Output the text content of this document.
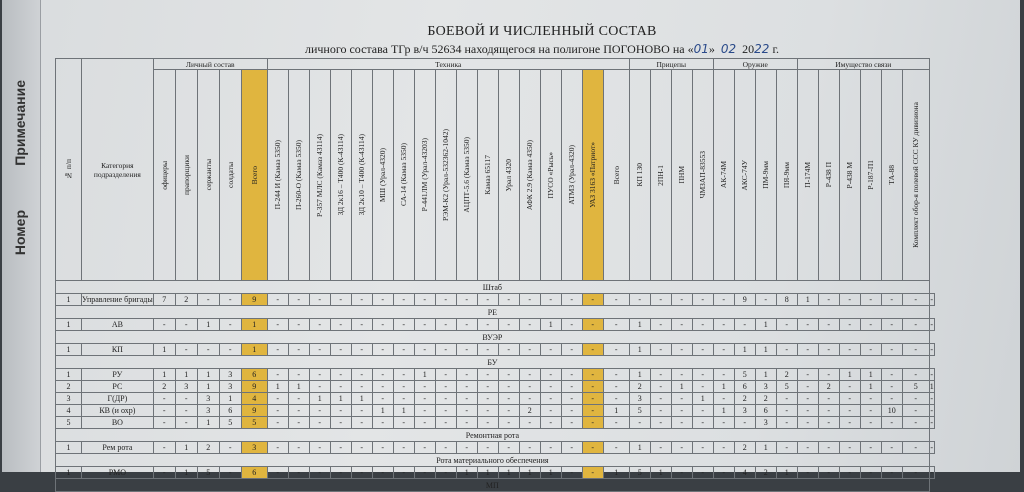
Примечание
Номер
БОЕВОЙ И ЧИСЛЕННЫЙ СОСТАВ
личного состава ТГр в/ч 52634 находящегося на полигоне ПОГОНОВО на «01» 02 2022 г.
№ п/п	Категория подразделения	Личный состав					Техника																	Прицепы				Оружие				Имущество связи						

		офицеры	прапорщики	сержанты	солдаты	Всего	П-244 И (Камаз 5350)	П-260-О (Камаз 5350)	Р-357 МЛС (Камаз 43114)	ЗД 2к16 – Т400 (К-43114)	ЗД 2к10 – Т400 (К-43114)	МШ (Урал-4320)	СА-14 (Камаз 5350)	Р-441ЛМ (Урал-43203)	РЭМ-К2 (Урал-532362-1042)	АЦПТ-5.6 (Камаз 5350)	Камаз 65117	Урал 4320	АФК 2.9 (Камаз 4350)	ПУСО «Рысь»	АТМЗ (Урал-4320)	УАЗ 3163 «Патриот»	Всего	КП 130	2ПН-1	ПНМ	ЧМЗАП-83553	АК-74М	АКС-74У	ПМ-9мм	ПЯ-9мм	П-174М	Р-438 П	Р-438 М	Р-187-П1	ТА-88	Комплект обор-я полевой ССС КУ дивизиона	

Штаб																																						
1	Управление бригады	7	2	-	-	9	-	-	-	-	-	-	-	-	-	-	-	-	-	-	-	-	-	-	-	-	-	-	9	-	8	1	-	-	-	-	-	-
РЕ																																						
1	АВ	-	-	1	-	1	-	-	-	-	-	-	-	-	-	-	-	-	-	1	-	-	-	1	-	-	-	-	-	1	-	-	-	-	-	-	-	-
ВУЭР																																						
1	КП	1	-	-	-	1	-	-	-	-	-	-	-	-	-	-	-	-	-	-	-	-	-	1	-	-	-	-	1	1	-	-	-	-	-	-	-	-
БУ																																						
1	РУ	1	1	1	3	6	-	-	-	-	-	-	-	1	-	-	-	-	-	-	-	-	-	1	-	-	-	-	5	1	2	-	-	1	1	-	-	-
2	РС	2	3	1	3	9	1	1	-	-	-	-	-	-	-	-	-	-	-	-	-	-	-	2	-	1	-	1	6	3	5	-	2	-	1	-	5	1
3	Г(ДР)	-	-	3	1	4	-	-	1	1	1	-	-	-	-	-	-	-	-	-	-	-	-	3	-	-	1	-	2	2	-	-	-	-	-	-	-	-
4	КВ (и охр)	-	-	3	6	9	-	-	-	-	-	1	1	-	-	-	-	-	2	-	-	-	1	5	-	-	-	1	3	6	-	-	-	-	-	10	-	-
5	ВО	-	-	1	5	5	-	-	-	-	-	-	-	-	-	-	-	-	-	-	-	-	-	-	-	-	-	-	-	3	-	-	-	-	-	-	-	-
Ремонтная рота																																						
1	Рем рота	-	1	2	-	3	-	-	-	-	-	-	-	-	-	-	-	-	-	-	-	-	-	1	-	-	-	-	2	1	-	-	-	-	-	-	-	-
Рота материального обеспечения																																						
1	РМО	-	1	5	-	6	-	-	-	-	-	-	-	-	-	1	1	1	1	1	-	-	1	5	1	-	-	-	4	2	1	-	-	-	-	-	-	-
МП																																						
